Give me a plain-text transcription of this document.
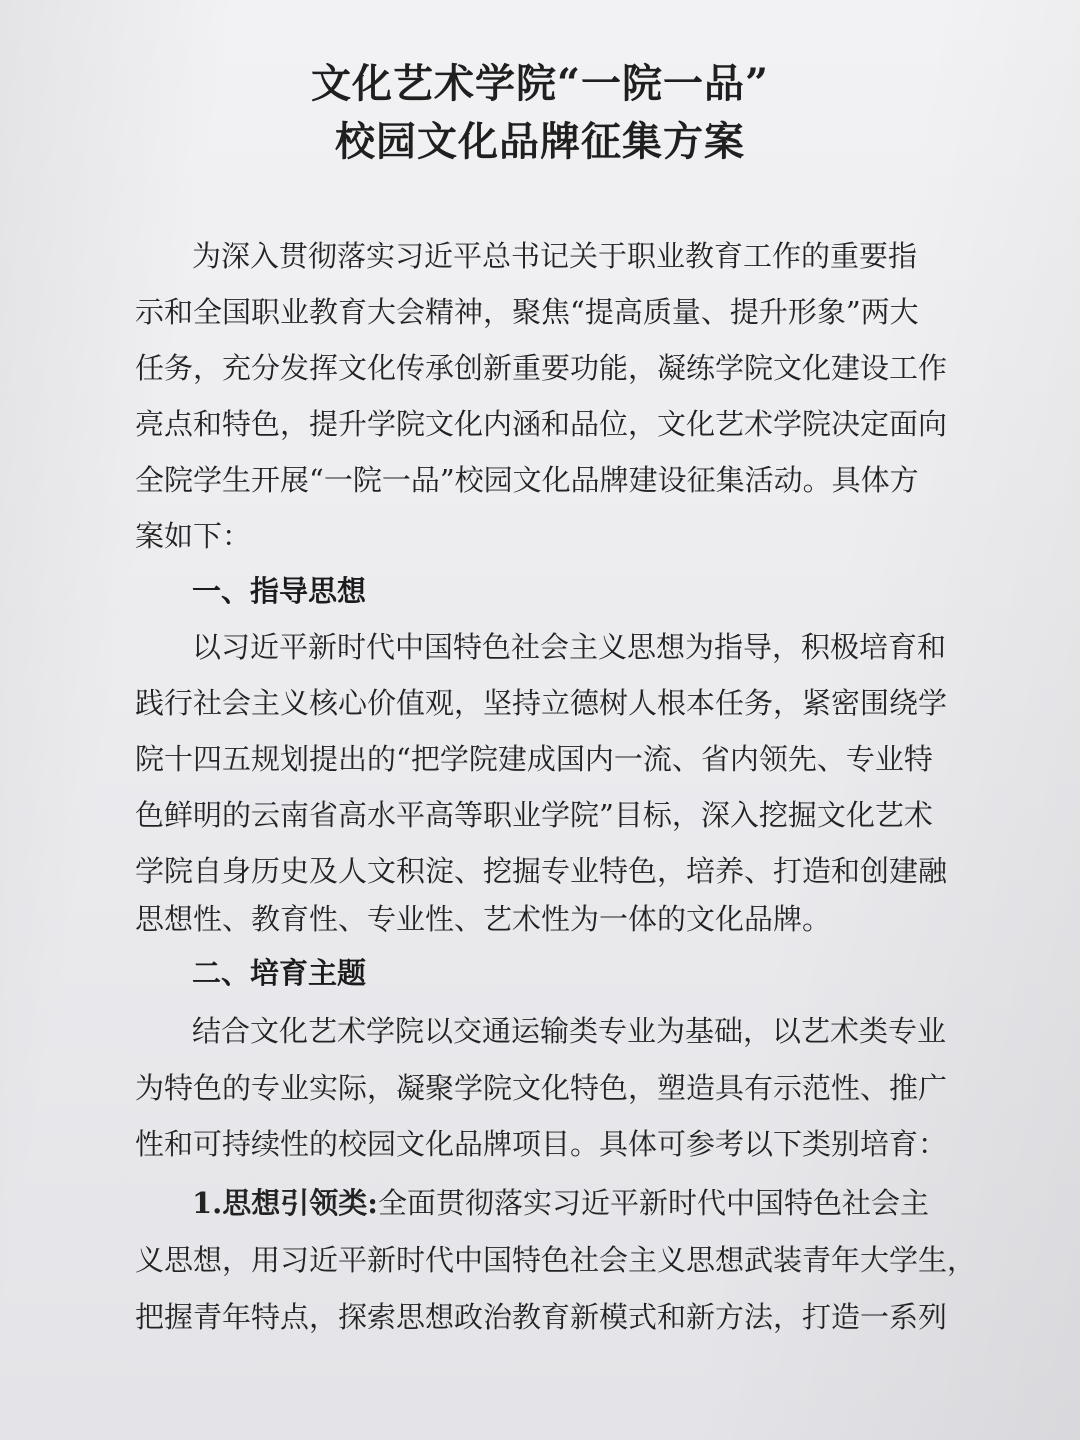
文化艺术学院“一院一品”
校园文化品牌征集方案
为深入贯彻落实习近平总书记关于职业教育工作的重要指
示和全国职业教育大会精神，聚焦“提高质量、提升形象”两大
任务，充分发挥文化传承创新重要功能，凝练学院文化建设工作
亮点和特色，提升学院文化内涵和品位，文化艺术学院决定面向
全院学生开展“一院一品”校园文化品牌建设征集活动。具体方
案如下：
一、指导思想
以习近平新时代中国特色社会主义思想为指导，积极培育和
践行社会主义核心价值观，坚持立德树人根本任务，紧密围绕学
院十四五规划提出的“把学院建成国内一流、省内领先、专业特
色鲜明的云南省高水平高等职业学院”目标，深入挖掘文化艺术
学院自身历史及人文积淀、挖掘专业特色，培养、打造和创建融
思想性、教育性、专业性、艺术性为一体的文化品牌。
二、培育主题
结合文化艺术学院以交通运输类专业为基础，以艺术类专业
为特色的专业实际，凝聚学院文化特色，塑造具有示范性、推广
性和可持续性的校园文化品牌项目。具体可参考以下类别培育：
1.思想引领类:全面贯彻落实习近平新时代中国特色社会主
义思想，用习近平新时代中国特色社会主义思想武装青年大学生，
把握青年特点，探索思想政治教育新模式和新方法，打造一系列
